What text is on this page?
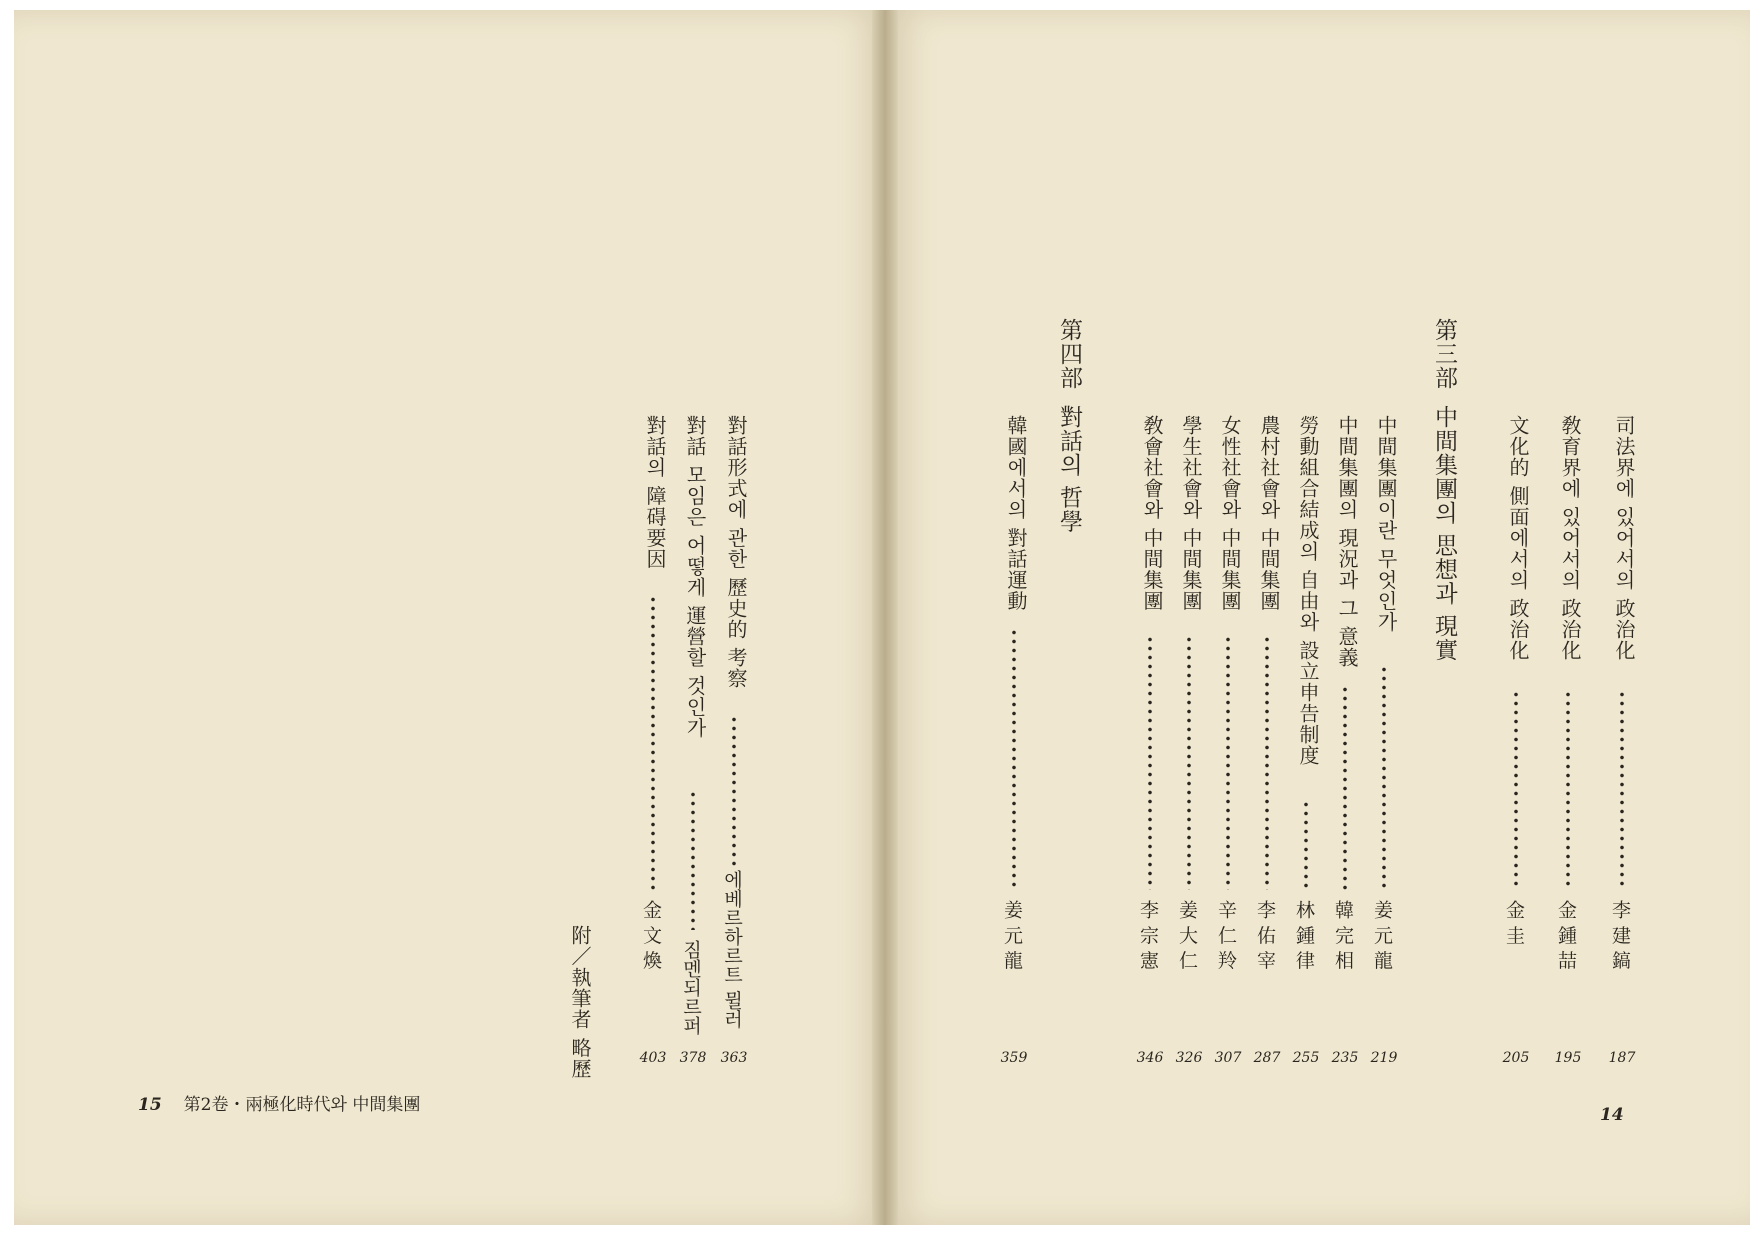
司法界에 있어서의 政治化
李 建 鎬
187
敎育界에 있어서의 政治化
金 鍾 喆
195
文化的 側面에서의 政治化
金 圭
205
第三部
中間集團의 思想과 現實
中間集團이란 무엇인가
姜 元 龍
219
中間集團의 現況과 그 意義
韓 完 相
235
勞動組合結成의 自由와 設立申告制度
林 鍾 律
255
農村社會와 中間集團
李 佑 宰
287
女性社會와 中間集團
辛 仁 羚
307
學生社會와 中間集團
姜 大 仁
326
敎會社會와 中間集團
李 宗 憲
346
第四部
對話의 哲學
韓國에서의 對話運動
姜 元 龍
359
14
對話形式에 관한 歷史的 考察
에베르하르트 뮐러
363
對話 모임은 어떻게 運營할 것인가
짐멘되르퍼
378
對話의 障碍要因
金 文 煥
403
附／執筆者 略歷
15 第2卷・兩極化時代와 中間集團
